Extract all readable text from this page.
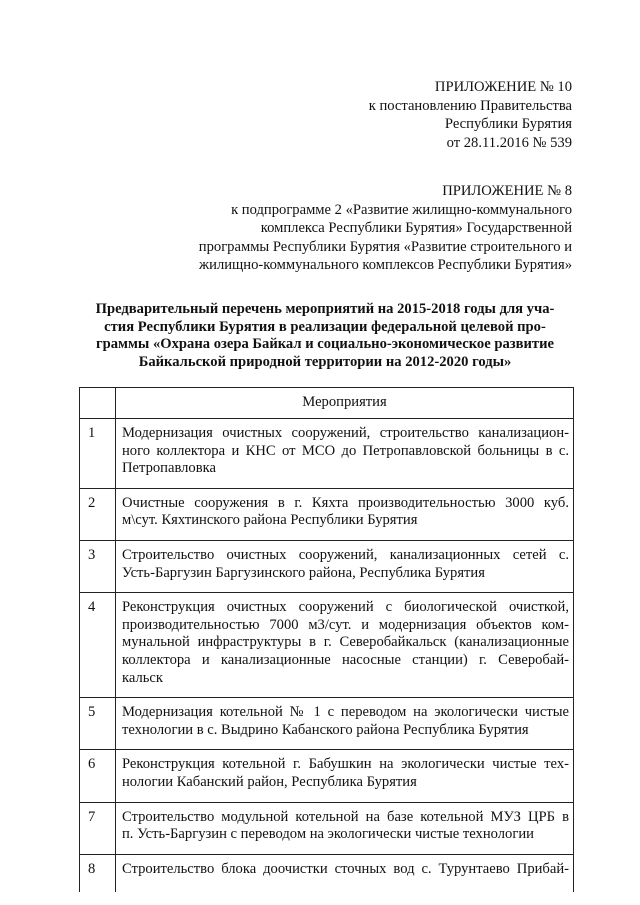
ПРИЛОЖЕНИЕ № 10
к постановлению Правительства
Республики Бурятия
от 28.11.2016 № 539
ПРИЛОЖЕНИЕ № 8
к подпрограмме 2 «Развитие жилищно-коммунального
комплекса Республики Бурятия» Государственной
программы Республики Бурятия «Развитие строительного и
жилищно-коммунального комплексов Республики Бурятия»
Предварительный перечень мероприятий на 2015-2018 годы для уча-
стия Республики Бурятия в реализации федеральной целевой про-
граммы «Охрана озера Байкал и социально-экономическое развитие
Байкальской природной территории на 2012-2020 годы»
	Мероприятия
1	Модернизация очистных сооружений, строительство канализацион-
ного коллектора и КНС от МСО до Петропавловской больницы в с.
Петропавловка

2	Очистные сооружения в г. Кяхта производительностью 3000 куб.
м\сут. Кяхтинского района Республики Бурятия

3	Строительство очистных сооружений, канализационных сетей с.
Усть-Баргузин Баргузинского района, Республика Бурятия

4	Реконструкция очистных сооружений с биологической очисткой,
производительностью 7000 м3/сут. и модернизация объектов ком-
мунальной инфраструктуры в г. Северобайкальск (канализационные
коллектора и канализационные насосные станции) г. Северобай-
кальск

5	Модернизация котельной № 1 с переводом на экологически чистые
технологии в с. Выдрино Кабанского района Республика Бурятия

6	Реконструкция котельной г. Бабушкин на экологически чистые тех-
нологии Кабанский район, Республика Бурятия

7	Строительство модульной котельной на базе котельной МУЗ ЦРБ в
п. Усть-Баргузин с переводом на экологически чистые технологии

8	Строительство блока доочистки сточных вод с. Турунтаево Прибай-
